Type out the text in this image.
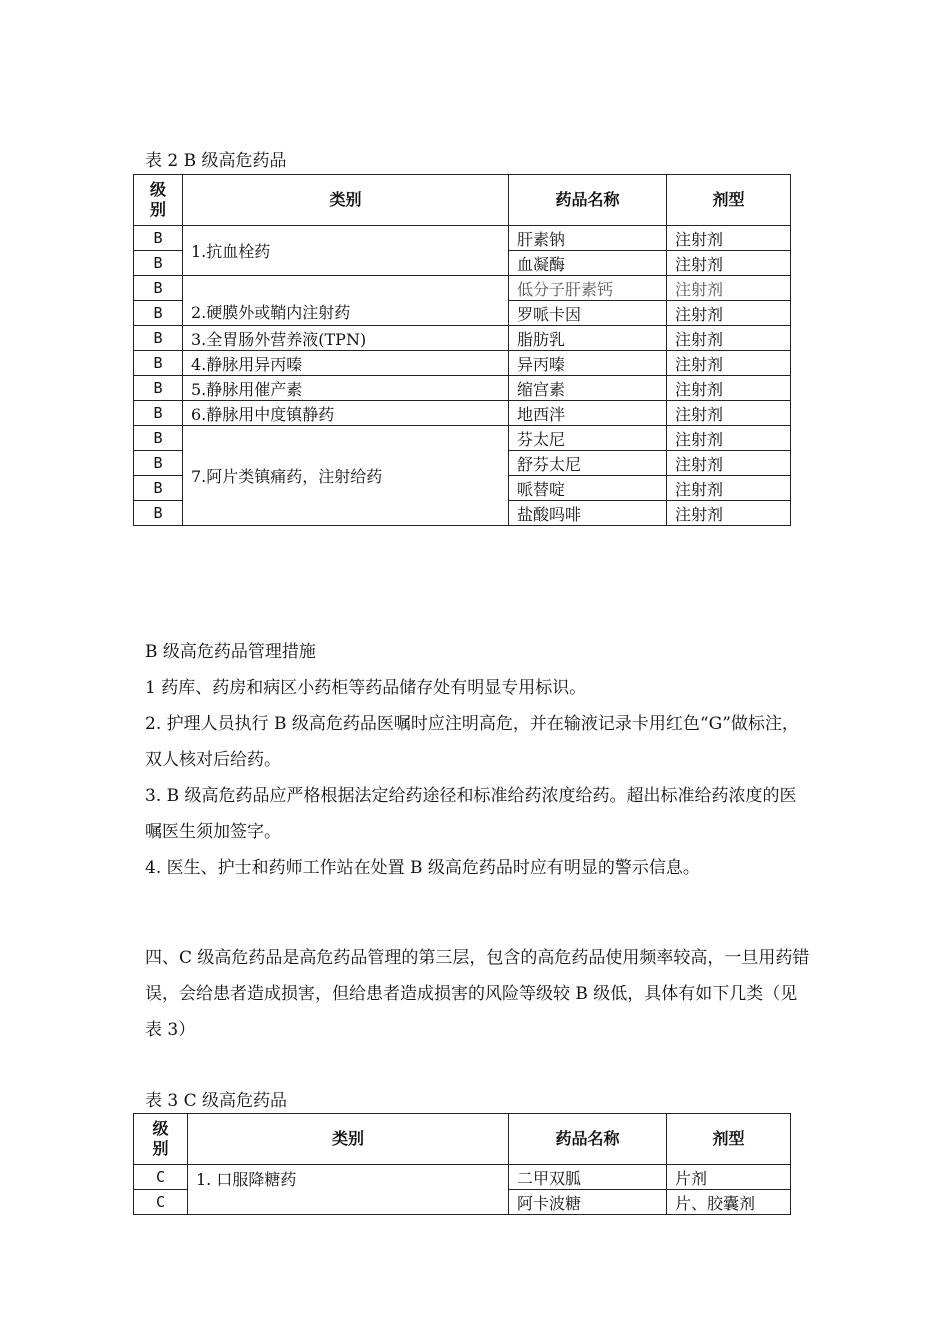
表 2 B 级高危药品
级别	类别	药品名称	剂型
B	1.抗血栓药	肝素钠	注射剂
B		血凝酶	注射剂
B	2.硬膜外或鞘内注射药	低分子肝素钙	注射剂
B		罗哌卡因	注射剂
B	3.全胃肠外营养液(TPN)	脂肪乳	注射剂
B	4.静脉用异丙嗪	异丙嗪	注射剂
B	5.静脉用催产素	缩宫素	注射剂
B	6.静脉用中度镇静药	地西泮	注射剂
B	7.阿片类镇痛药，注射给药	芬太尼	注射剂
B		舒芬太尼	注射剂
B		哌替啶	注射剂
B		盐酸吗啡	注射剂

B 级高危药品管理措施

1 药库、药房和病区小药柜等药品储存处有明显专用标识。

2. 护理人员执行 B 级高危药品医嘱时应注明高危，并在输液记录卡用红色“G”做标注，双人核对后给药。

3. B 级高危药品应严格根据法定给药途径和标准给药浓度给药。超出标准给药浓度的医嘱医生须加签字。

4. 医生、护士和药师工作站在处置 B 级高危药品时应有明显的警示信息。

四、C 级高危药品是高危药品管理的第三层，包含的高危药品使用频率较高，一旦用药错误，会给患者造成损害，但给患者造成损害的风险等级较 B 级低，具体有如下几类（见表 3）

表 3 C 级高危药品
级别	类别	药品名称	剂型
C	1. 口服降糖药	二甲双胍	片剂
C		阿卡波糖	片、胶囊剂
